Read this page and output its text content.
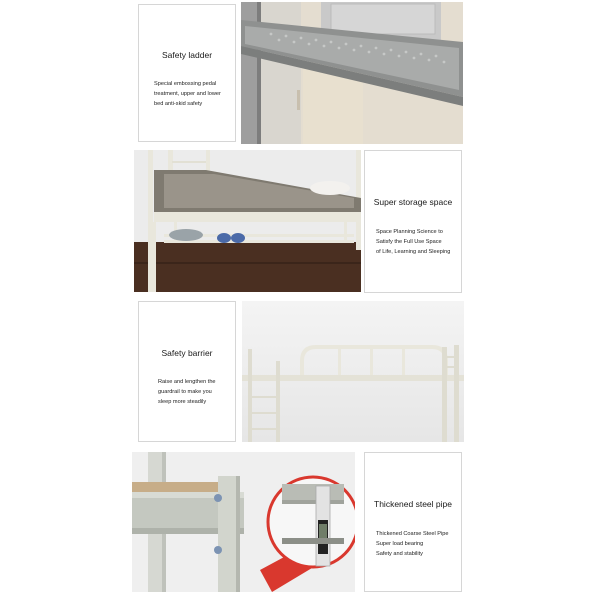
Safety ladder
Special embossing pedal
treatment, upper and lower
bed anti-skid safety
Super storage space
Space Planning Science to
Satisfy the Full Use Space
of Life, Learning and Sleeping
Safety barrier
Raise and lengthen the
guardrail to make you
sleep more steadily
Thickened steel pipe
Thickened Coarse Steel Pipe
Super load bearing
Safety and stability
